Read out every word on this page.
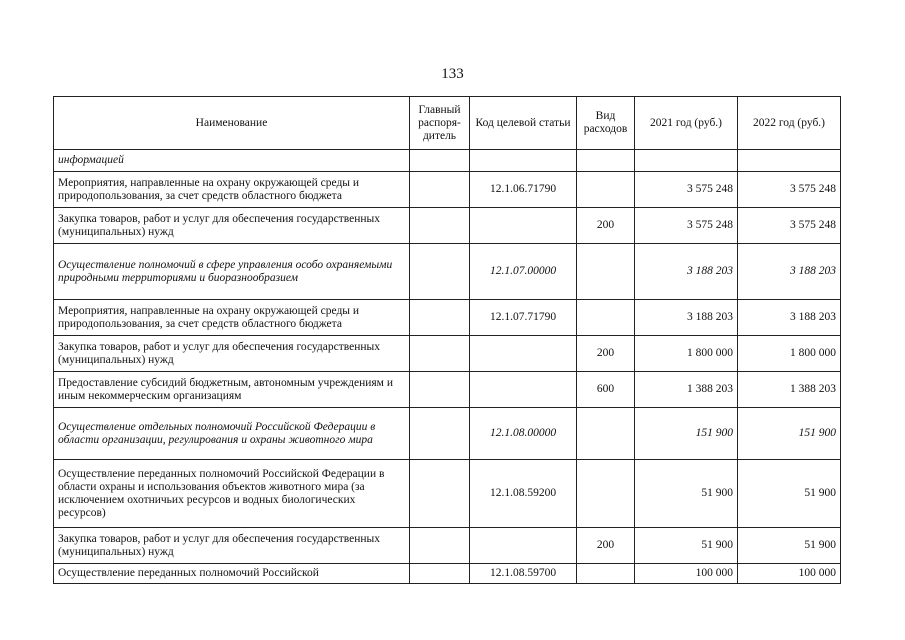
133
Наименование	Главный распоря-дитель	Код целевой статьи	Вид расходов	2021 год (руб.)	2022 год (руб.)
информацией					
Мероприятия, направленные на охрану окружающей среды и природопользования, за счет средств областного бюджета		12.1.06.71790		3 575 248	3 575 248
Закупка товаров, работ и услуг для обеспечения государственных (муниципальных) нужд			200	3 575 248	3 575 248
Осуществление полномочий в сфере управления особо охраняемыми природными территориями и биоразнообразием		12.1.07.00000		3 188 203	3 188 203
Мероприятия, направленные на охрану окружающей среды и природопользования, за счет средств областного бюджета		12.1.07.71790		3 188 203	3 188 203
Закупка товаров, работ и услуг для обеспечения государственных (муниципальных) нужд			200	1 800 000	1 800 000
Предоставление субсидий бюджетным, автономным учреждениям и иным некоммерческим организациям			600	1 388 203	1 388 203
Осуществление отдельных полномочий Российской Федерации в области организации, регулирования и охраны животного мира		12.1.08.00000		151 900	151 900
Осуществление переданных полномочий Российской Федерации в области охраны и использования объектов животного мира (за исключением охотничьих ресурсов и водных биологических ресурсов)		12.1.08.59200		51 900	51 900
Закупка товаров, работ и услуг для обеспечения государственных (муниципальных) нужд			200	51 900	51 900
Осуществление переданных полномочий Российской		12.1.08.59700		100 000	100 000
